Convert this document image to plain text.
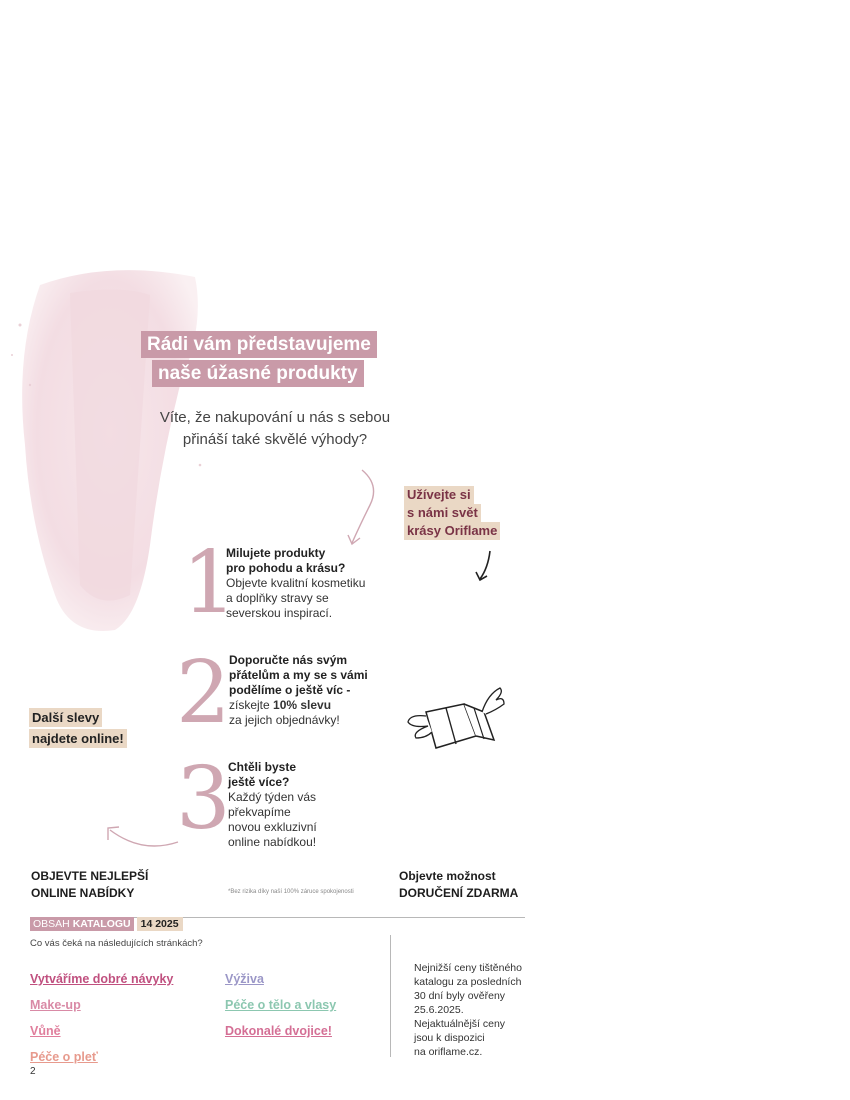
Rádi vám představujeme
naše úžasné produkty
Víte, že nakupování u nás s sebou
přináší také skvělé výhody?
Užívejte si
s námi svět
krásy Oriflame
1
Milujete produkty
pro pohodu a krásu?
Objevte kvalitní kosmetiku
a doplňky stravy se
severskou inspirací.
2
Doporučte nás svým
přátelům a my se s vámi
podělíme o ještě víc -
získejte 10% slevu
za jejich objednávky!
Další slevy
najdete online!
3
Chtěli byste
ještě více?
Každý týden vás
překvapíme
novou exkluzivní
online nabídkou!
OBJEVTE NEJLEPŠÍ
ONLINE NABÍDKY	*Bez rizika díky naší 100% záruce spokojenosti
Objevte možnost
DORUČENÍ ZDARMA
OBSAH KATALOGU 14 2025
Co vás čeká na následujících stránkách?
Vytváříme dobré návyky
Make-up
Vůně
Péče o pleť
Výživa
Péče o tělo a vlasy
Dokonalé dvojice!
Nejnižší ceny tištěného
katalogu za posledních
30 dní byly ověřeny
25.6.2025.
Nejaktuálnější ceny
jsou k dispozici
na oriflame.cz.
2
